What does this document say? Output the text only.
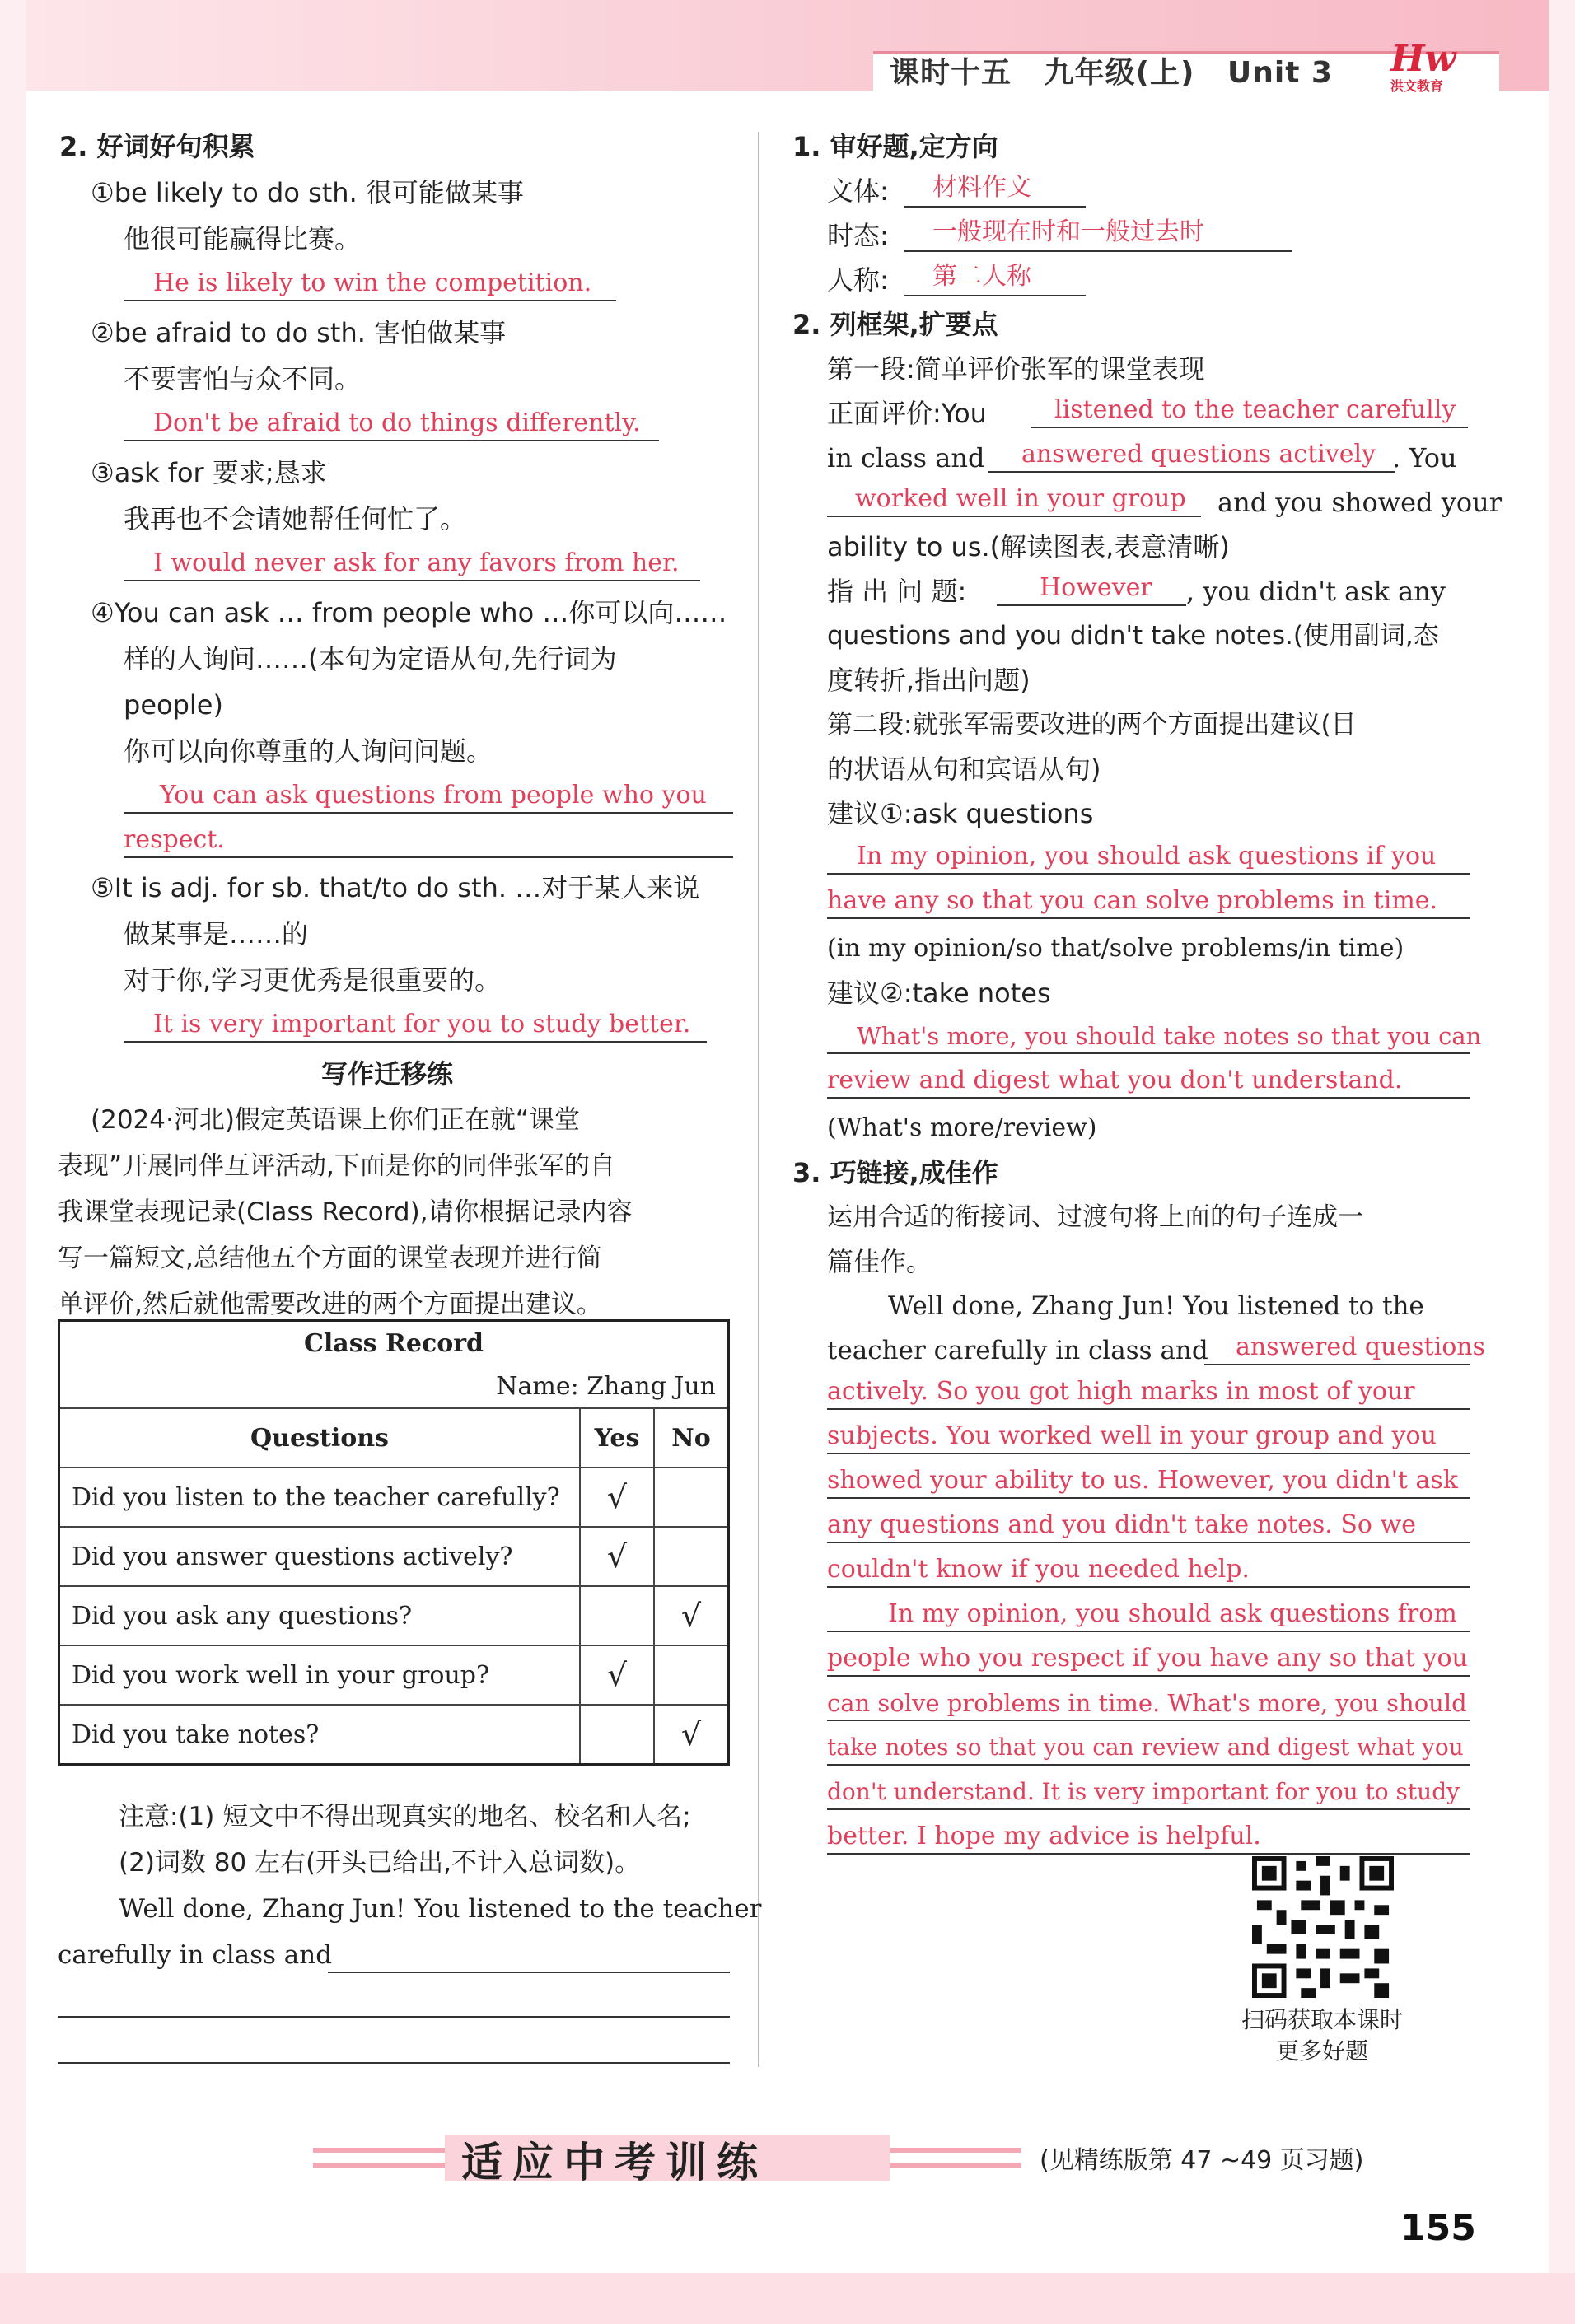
课时十五 九年级(上) Unit 3	Hw
洪文教育
2. 好词好句积累
①be likely to do sth. 很可能做某事
他很可能赢得比赛。
He is likely to win the competition.
②be afraid to do sth. 害怕做某事
不要害怕与众不同。
Don't be afraid to do things differently.
③ask for 要求;恳求
我再也不会请她帮任何忙了。
I would never ask for any favors from her.
④You can ask … from people who …你可以向……
样的人询问……(本句为定语从句,先行词为
people)
你可以向你尊重的人询问问题。
You can ask questions from people who you
respect.
⑤It is adj. for sb. that/to do sth. …对于某人来说
做某事是……的
对于你,学习更优秀是很重要的。
It is very important for you to study better.
写作迁移练
(2024·河北)假定英语课上你们正在就“课堂
表现”开展同伴互评活动,下面是你的同伴张军的自
我课堂表现记录(Class Record),请你根据记录内容
写一篇短文,总结他五个方面的课堂表现并进行简
单评价,然后就他需要改进的两个方面提出建议。
Class Record		
Name: Zhang Jun		
Questions	Yes	No
Did you listen to the teacher carefully?	√	
Did you answer questions actively?	√	
Did you ask any questions?		√
Did you work well in your group?	√	
Did you take notes?		√
注意:(1) 短文中不得出现真实的地名、校名和人名;
(2)词数 80 左右(开头已给出,不计入总词数)。
Well done, Zhang Jun! You listened to the teacher
carefully in class and
1. 审好题,定方向
文体: 材料作文
时态: 一般现在时和一般过去时
人称: 第二人称
2. 列框架,扩要点
第一段:简单评价张军的课堂表现
正面评价:You	listened to the teacher carefully
in class and answered questions actively . You
worked well in your group and you showed your
ability to us.(解读图表,表意清晰)
指 出 问 题:	However , you didn't ask any
questions and you didn't take notes.(使用副词,态
度转折,指出问题)
第二段:就张军需要改进的两个方面提出建议(目
的状语从句和宾语从句)
建议①:ask questions
In my opinion, you should ask questions if you
have any so that you can solve problems in time.
(in my opinion/so that/solve problems/in time)
建议②:take notes
What's more, you should take notes so that you can
review and digest what you don't understand.
(What's more/review)
3. 巧链接,成佳作
运用合适的衔接词、过渡句将上面的句子连成一
篇佳作。
Well done, Zhang Jun! You listened to the
teacher carefully in class and answered questions
actively. So you got high marks in most of your
subjects. You worked well in your group and you
showed your ability to us. However, you didn't ask
any questions and you didn't take notes. So we
couldn't know if you needed help.
In my opinion, you should ask questions from
people who you respect if you have any so that you
can solve problems in time. What's more, you should
take notes so that you can review and digest what you
don't understand. It is very important for you to study
better. I hope my advice is helpful.
扫码获取本课时
更多好题
适应中考训练	(见精练版第 47 ~49 页习题)
155
